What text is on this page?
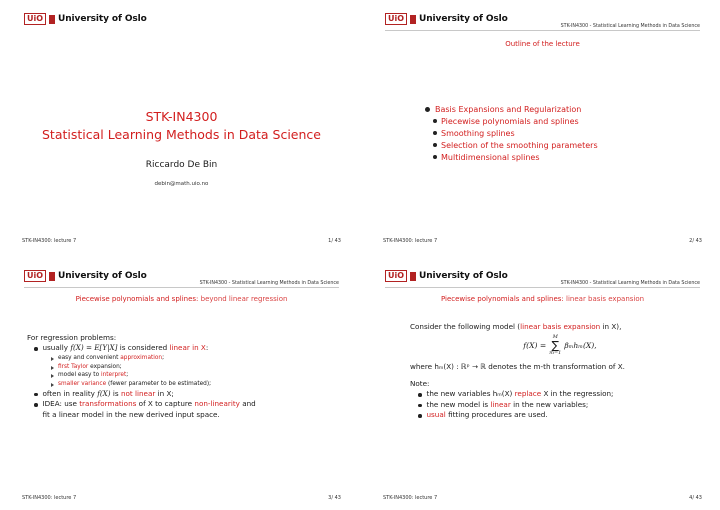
UiO	University of Oslo
STK-IN4300
Statistical Learning Methods in Data Science
Riccardo De Bin
debin@math.uio.no
STK-IN4300: lecture 7	1/ 43
UiO	University of Oslo
STK-IN4300 - Statistical Learning Methods in Data Science
Outline of the lecture
Basis Expansions and Regularization
Piecewise polynomials and splines
Smoothing splines
Selection of the smoothing parameters
Multidimensional splines
STK-IN4300: lecture 7	2/ 43
UiO	University of Oslo
STK-IN4300 - Statistical Learning Methods in Data Science
Piecewise polynomials and splines: beyond linear regression
For regression problems:
usually f(X) = E[Y|X] is considered linear in X:
easy and convenient approximation;
first Taylor expansion;
model easy to interpret;
smaller variance (fewer parameter to be estimated);
often in reality f(X) is not linear in X;
IDEA: use transformations of X to capture non-linearity and
fit a linear model in the new derived input space.
STK-IN4300: lecture 7	3/ 43
UiO	University of Oslo
STK-IN4300 - Statistical Learning Methods in Data Science
Piecewise polynomials and splines: linear basis expansion
Consider the following model (linear basis expansion in X),
f(X) =
M
∑
m=1
βₘhₘ(X),
where hₘ(X) : ℝᵖ → ℝ denotes the m-th transformation of X.
Note:
the new variables hₘ(X) replace X in the regression;
the new model is linear in the new variables;
usual fitting procedures are used.
STK-IN4300: lecture 7	4/ 43
